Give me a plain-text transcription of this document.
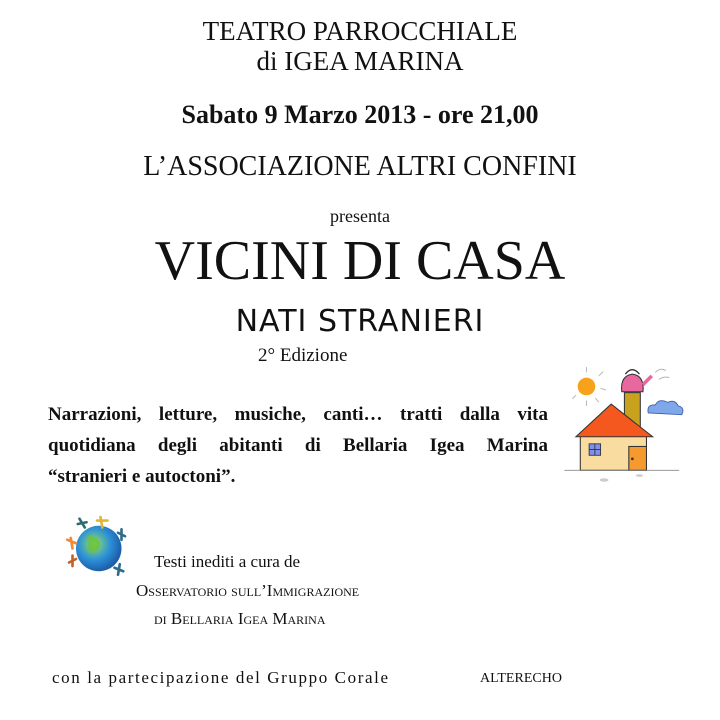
TEATRO PARROCCHIALE
di IGEA MARINA
Sabato 9 Marzo 2013 - ore 21,00
L’ASSOCIAZIONE ALTRI CONFINI
presenta
VICINI DI CASA
NATI STRANIERI
2° Edizione
Narrazioni, letture, musiche, canti… tratti dalla vita
quotidiana degli abitanti di Bellaria Igea Marina
“stranieri e autoctoni”.
Testi inediti a cura de
Osservatorio sull’Immigrazione
di Bellaria Igea Marina
con la partecipazione del Gruppo Corale	ALTERECHO
